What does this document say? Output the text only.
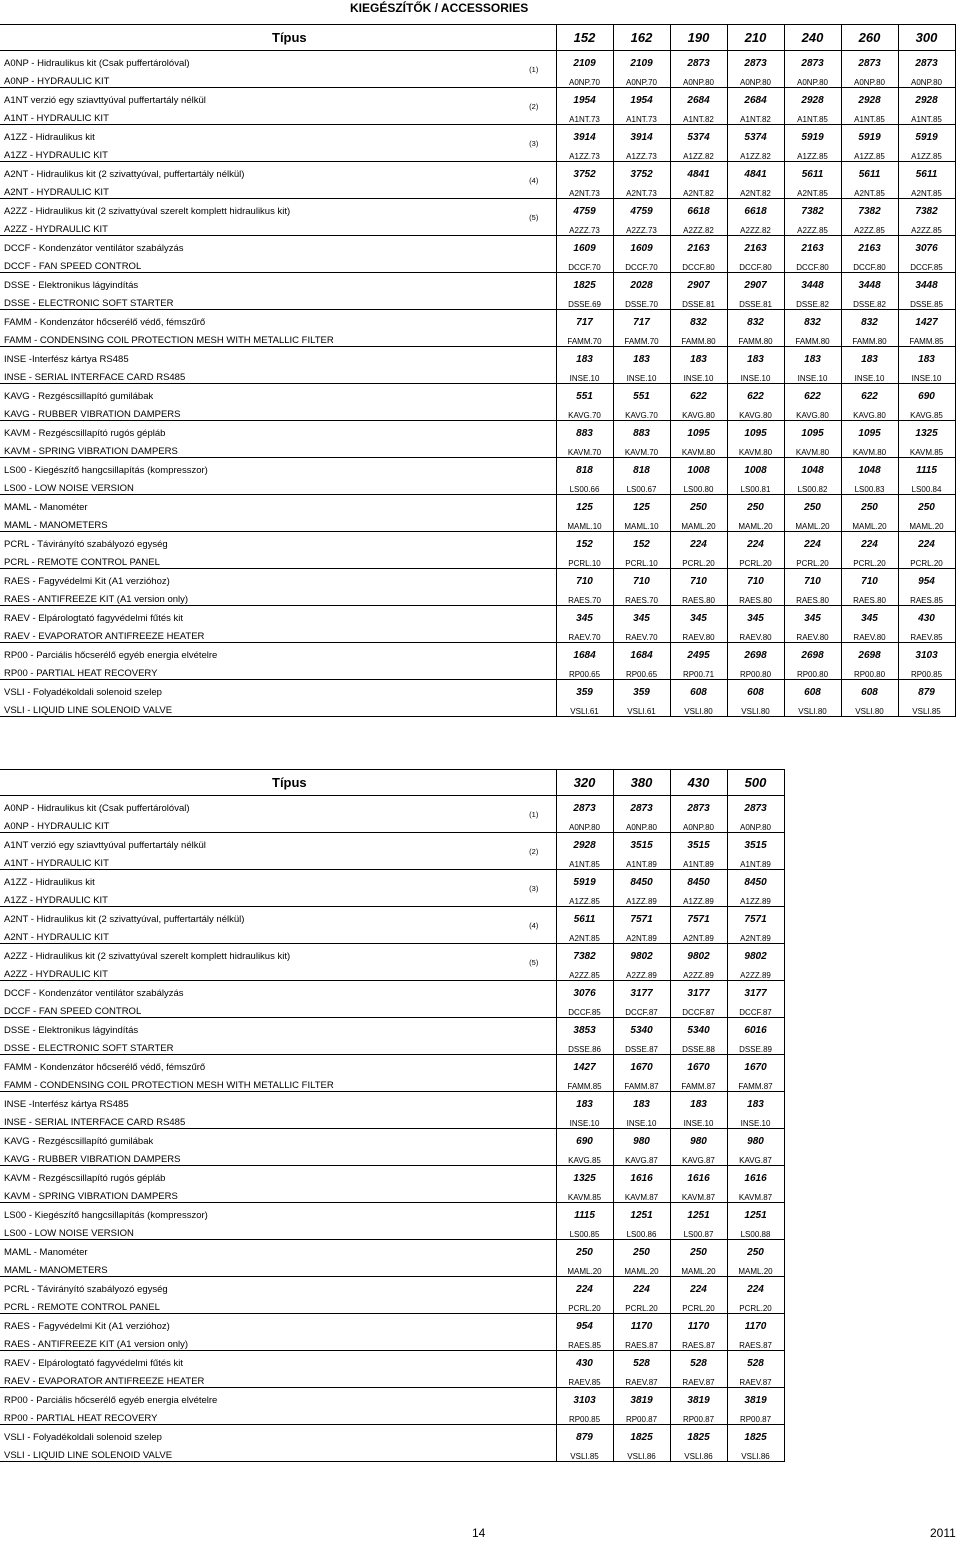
KIEGÉSZÍTŐK / ACCESSORIES
Típus		152	162	190	210	240	260	300
A0NP - Hidraulikus kit (Csak puffertárolóval)	(1)	2109	2109	2873	2873	2873	2873	2873
A0NP - HYDRAULIC KIT		A0NP.70	A0NP.70	A0NP.80	A0NP.80	A0NP.80	A0NP.80	A0NP.80
A1NT verzió egy sziavttyúval puffertartály nélkül	(2)	1954	1954	2684	2684	2928	2928	2928
A1NT - HYDRAULIC KIT		A1NT.73	A1NT.73	A1NT.82	A1NT.82	A1NT.85	A1NT.85	A1NT.85
A1ZZ - Hidraulikus kit	(3)	3914	3914	5374	5374	5919	5919	5919
A1ZZ - HYDRAULIC KIT		A1ZZ.73	A1ZZ.73	A1ZZ.82	A1ZZ.82	A1ZZ.85	A1ZZ.85	A1ZZ.85
A2NT - Hidraulikus kit (2 szivattyúval, puffertartály nélkül)	(4)	3752	3752	4841	4841	5611	5611	5611
A2NT - HYDRAULIC KIT		A2NT.73	A2NT.73	A2NT.82	A2NT.82	A2NT.85	A2NT.85	A2NT.85
A2ZZ - Hidraulikus kit (2 szivattyúval szerelt komplett hidraulikus kit)	(5)	4759	4759	6618	6618	7382	7382	7382
A2ZZ - HYDRAULIC KIT		A2ZZ.73	A2ZZ.73	A2ZZ.82	A2ZZ.82	A2ZZ.85	A2ZZ.85	A2ZZ.85
DCCF - Kondenzátor ventilátor szabályzás		1609	1609	2163	2163	2163	2163	3076
DCCF - FAN SPEED CONTROL		DCCF.70	DCCF.70	DCCF.80	DCCF.80	DCCF.80	DCCF.80	DCCF.85
DSSE - Elektronikus lágyindítás		1825	2028	2907	2907	3448	3448	3448
DSSE - ELECTRONIC SOFT STARTER		DSSE.69	DSSE.70	DSSE.81	DSSE.81	DSSE.82	DSSE.82	DSSE.85
FAMM - Kondenzátor hőcserélő védő, fémszűrő		717	717	832	832	832	832	1427
FAMM - CONDENSING COIL PROTECTION MESH WITH METALLIC FILTER		FAMM.70	FAMM.70	FAMM.80	FAMM.80	FAMM.80	FAMM.80	FAMM.85
INSE -Interfész kártya RS485		183	183	183	183	183	183	183
INSE - SERIAL INTERFACE CARD RS485		INSE.10	INSE.10	INSE.10	INSE.10	INSE.10	INSE.10	INSE.10
KAVG - Rezgéscsillapító gumilábak		551	551	622	622	622	622	690
KAVG - RUBBER VIBRATION DAMPERS		KAVG.70	KAVG.70	KAVG.80	KAVG.80	KAVG.80	KAVG.80	KAVG.85
KAVM - Rezgéscsillapító rugós gépláb		883	883	1095	1095	1095	1095	1325
KAVM - SPRING VIBRATION DAMPERS		KAVM.70	KAVM.70	KAVM.80	KAVM.80	KAVM.80	KAVM.80	KAVM.85
LS00 - Kiegészítő hangcsillapítás (kompresszor)		818	818	1008	1008	1048	1048	1115
LS00 - LOW NOISE VERSION		LS00.66	LS00.67	LS00.80	LS00.81	LS00.82	LS00.83	LS00.84
MAML - Manométer		125	125	250	250	250	250	250
MAML - MANOMETERS		MAML.10	MAML.10	MAML.20	MAML.20	MAML.20	MAML.20	MAML.20
PCRL - Távirányító szabályozó egység		152	152	224	224	224	224	224
PCRL - REMOTE CONTROL PANEL		PCRL.10	PCRL.10	PCRL.20	PCRL.20	PCRL.20	PCRL.20	PCRL.20
RAES - Fagyvédelmi Kit (A1 verzióhoz)		710	710	710	710	710	710	954
RAES - ANTIFREEZE KIT (A1 version only)		RAES.70	RAES.70	RAES.80	RAES.80	RAES.80	RAES.80	RAES.85
RAEV - Elpárologtató fagyvédelmi fűtés kit		345	345	345	345	345	345	430
RAEV - EVAPORATOR ANTIFREEZE HEATER		RAEV.70	RAEV.70	RAEV.80	RAEV.80	RAEV.80	RAEV.80	RAEV.85
RP00 - Parciális hőcserélő egyéb energia elvételre		1684	1684	2495	2698	2698	2698	3103
RP00 - PARTIAL HEAT RECOVERY		RP00.65	RP00.65	RP00.71	RP00.80	RP00.80	RP00.80	RP00.85
VSLI - Folyadékoldali solenoid szelep		359	359	608	608	608	608	879
VSLI - LIQUID LINE SOLENOID VALVE		VSLI.61	VSLI.61	VSLI.80	VSLI.80	VSLI.80	VSLI.80	VSLI.85
Típus		320	380	430	500
A0NP - Hidraulikus kit (Csak puffertárolóval)	(1)	2873	2873	2873	2873
A0NP - HYDRAULIC KIT		A0NP.80	A0NP.80	A0NP.80	A0NP.80
A1NT verzió egy sziavttyúval puffertartály nélkül	(2)	2928	3515	3515	3515
A1NT - HYDRAULIC KIT		A1NT.85	A1NT.89	A1NT.89	A1NT.89
A1ZZ - Hidraulikus kit	(3)	5919	8450	8450	8450
A1ZZ - HYDRAULIC KIT		A1ZZ.85	A1ZZ.89	A1ZZ.89	A1ZZ.89
A2NT - Hidraulikus kit (2 szivattyúval, puffertartály nélkül)	(4)	5611	7571	7571	7571
A2NT - HYDRAULIC KIT		A2NT.85	A2NT.89	A2NT.89	A2NT.89
A2ZZ - Hidraulikus kit (2 szivattyúval szerelt komplett hidraulikus kit)	(5)	7382	9802	9802	9802
A2ZZ - HYDRAULIC KIT		A2ZZ.85	A2ZZ.89	A2ZZ.89	A2ZZ.89
DCCF - Kondenzátor ventilátor szabályzás		3076	3177	3177	3177
DCCF - FAN SPEED CONTROL		DCCF.85	DCCF.87	DCCF.87	DCCF.87
DSSE - Elektronikus lágyindítás		3853	5340	5340	6016
DSSE - ELECTRONIC SOFT STARTER		DSSE.86	DSSE.87	DSSE.88	DSSE.89
FAMM - Kondenzátor hőcserélő védő, fémszűrő		1427	1670	1670	1670
FAMM - CONDENSING COIL PROTECTION MESH WITH METALLIC FILTER		FAMM.85	FAMM.87	FAMM.87	FAMM.87
INSE -Interfész kártya RS485		183	183	183	183
INSE - SERIAL INTERFACE CARD RS485		INSE.10	INSE.10	INSE.10	INSE.10
KAVG - Rezgéscsillapító gumilábak		690	980	980	980
KAVG - RUBBER VIBRATION DAMPERS		KAVG.85	KAVG.87	KAVG.87	KAVG.87
KAVM - Rezgéscsillapító rugós gépláb		1325	1616	1616	1616
KAVM - SPRING VIBRATION DAMPERS		KAVM.85	KAVM.87	KAVM.87	KAVM.87
LS00 - Kiegészítő hangcsillapítás (kompresszor)		1115	1251	1251	1251
LS00 - LOW NOISE VERSION		LS00.85	LS00.86	LS00.87	LS00.88
MAML - Manométer		250	250	250	250
MAML - MANOMETERS		MAML.20	MAML.20	MAML.20	MAML.20
PCRL - Távirányító szabályozó egység		224	224	224	224
PCRL - REMOTE CONTROL PANEL		PCRL.20	PCRL.20	PCRL.20	PCRL.20
RAES - Fagyvédelmi Kit (A1 verzióhoz)		954	1170	1170	1170
RAES - ANTIFREEZE KIT (A1 version only)		RAES.85	RAES.87	RAES.87	RAES.87
RAEV - Elpárologtató fagyvédelmi fűtés kit		430	528	528	528
RAEV - EVAPORATOR ANTIFREEZE HEATER		RAEV.85	RAEV.87	RAEV.87	RAEV.87
RP00 - Parciális hőcserélő egyéb energia elvételre		3103	3819	3819	3819
RP00 - PARTIAL HEAT RECOVERY		RP00.85	RP00.87	RP00.87	RP00.87
VSLI - Folyadékoldali solenoid szelep		879	1825	1825	1825
VSLI - LIQUID LINE SOLENOID VALVE		VSLI.85	VSLI.86	VSLI.86	VSLI.86
14	2011
